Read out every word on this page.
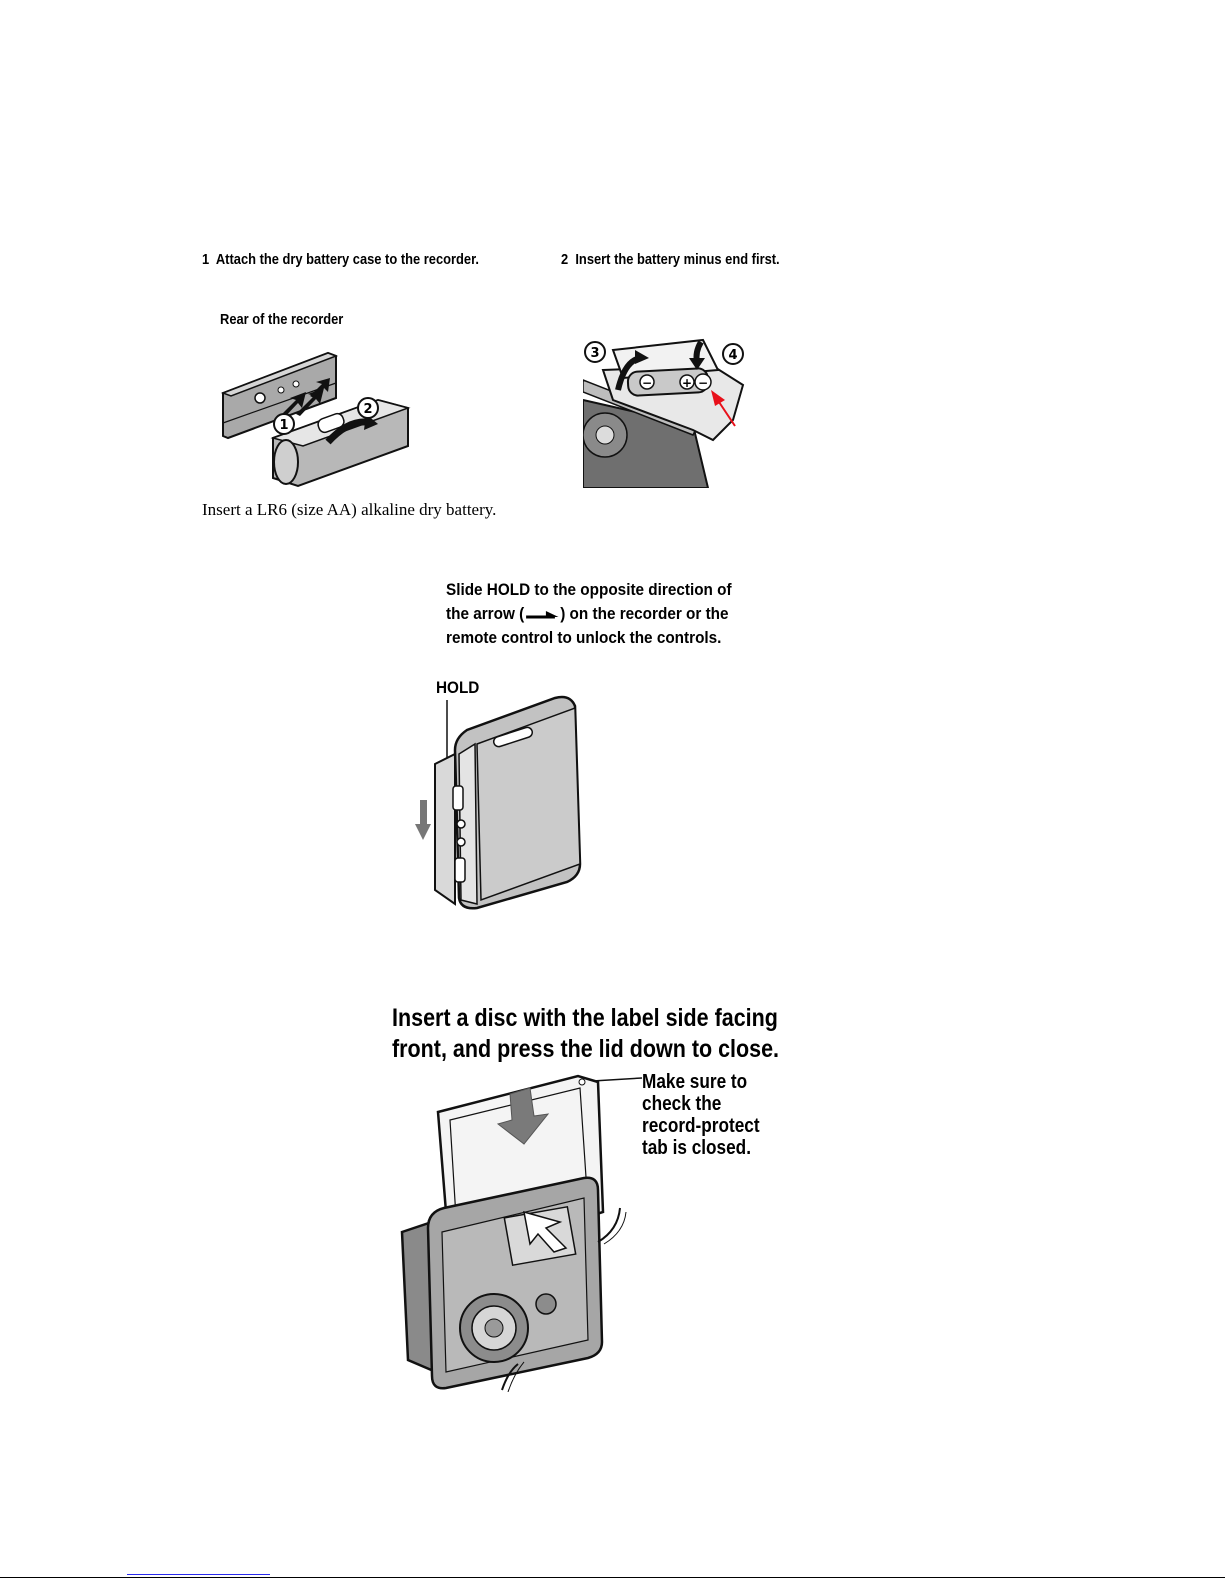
1 Attach the dry battery case to the recorder.	2 Insert the battery minus end first.
Rear of the recorder
1
2
− + −
3	4
Insert a LR6 (size AA) alkaline dry battery.
Slide HOLD to the opposite direction of
the arrow ( ) on the recorder or the
remote control to unlock the controls.
HOLD
Insert a disc with the label side facing
front, and press the lid down to close.
Make sure to
check the
record-protect
tab is closed.
